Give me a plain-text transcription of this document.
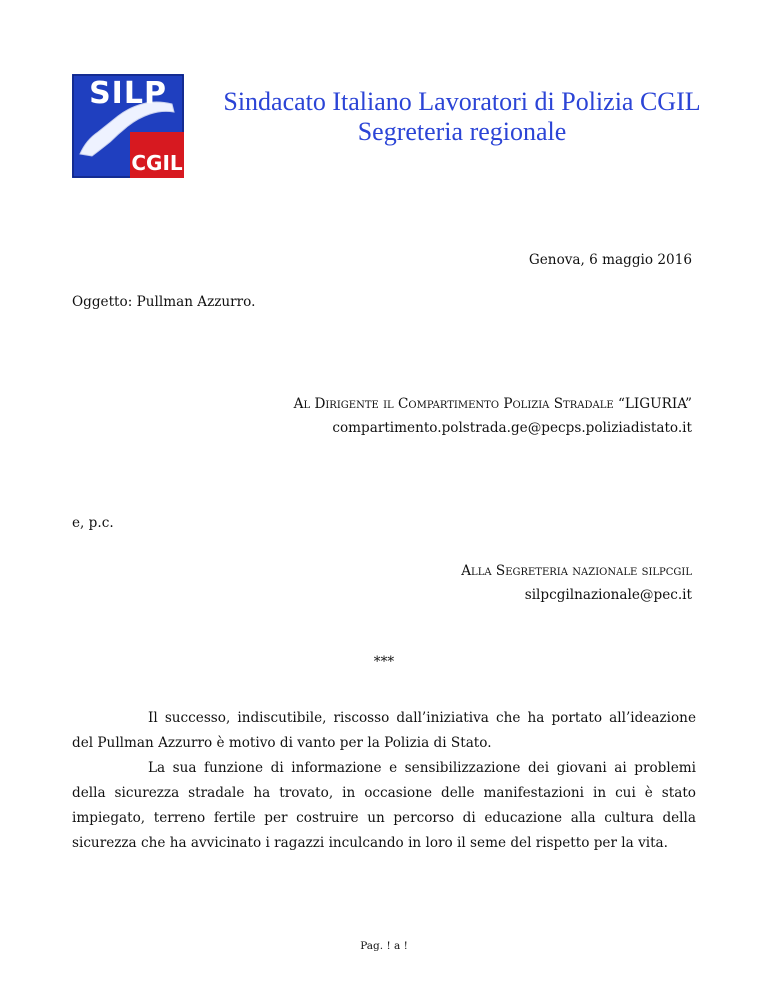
SILP
CGIL
Sindacato Italiano Lavoratori di Polizia CGIL
Segreteria regionale
Genova, 6 maggio 2016
Oggetto: Pullman Azzurro.
Al Dirigente il Compartimento Polizia Stradale “LIGURIA”
compartimento.polstrada.ge@pecps.poliziadistato.it
e, p.c.
Alla Segreteria nazionale silpcgil
silpcgilnazionale@pec.it
***

Il successo, indiscutibile, riscosso dall’iniziativa che ha portato all’ideazione del Pullman Azzurro è motivo di vanto per la Polizia di Stato.

La sua funzione di informazione e sensibilizzazione dei giovani ai problemi della sicurezza stradale ha trovato, in occasione delle manifestazioni in cui è stato impiegato, terreno fertile per costruire un percorso di educazione alla cultura della sicurezza che ha avvicinato i ragazzi inculcando in loro il seme del rispetto per la vita.

Pag. ! a !
